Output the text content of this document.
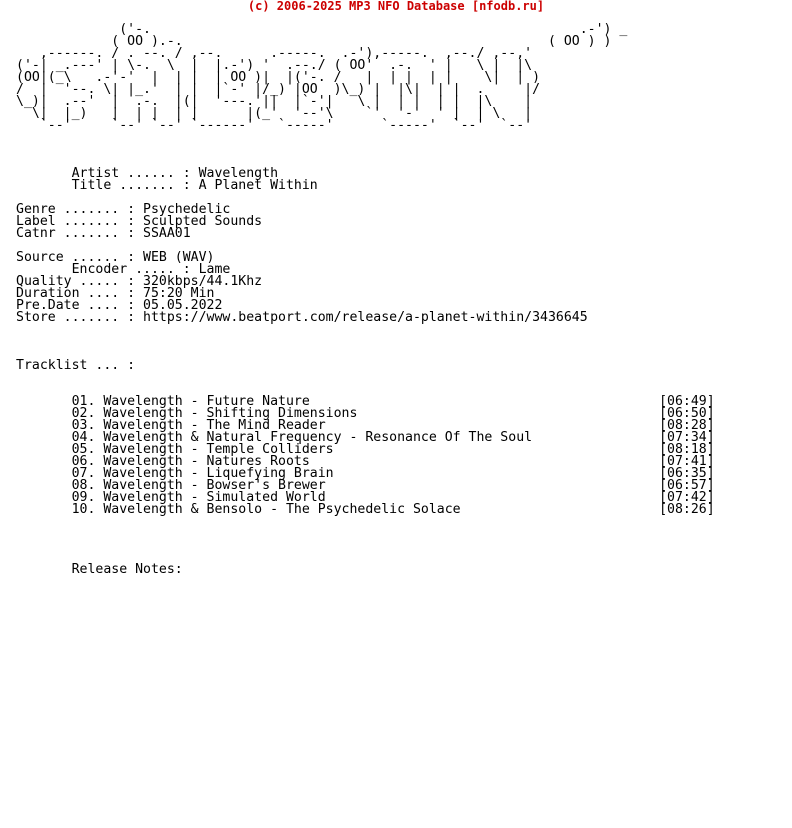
(c) 2006-2025 MP3 NFO Database [nfodb.ru]
('-.                                                      .-') _
( OO ).-.                                              ( OO ) )
,------. / . --. / ,--.      .-----.  .-'),-----.  ,--./ ,--,'
('-| _.---' | \-.  \  |  |.-') '  .--./ ( OO'  .-.  ' |   \ |  |\
(OO|(_\   .-'-'  |  | |  | OO )|  |('-. /   |  | |  | |    \|  | )
/  |  '--. \| |_.'  | |  |`-' |/_) |OO  )\_) |  |\|  | |  .     |/
\_)|  .--'  |  .-.  |(|  '---.'||  |`-'|   \ |  | |  | |  |\    |
\|  |_)   |  | |  | |      |(_'  '--'\    `'  '-'  ' |  | \   |
`--'     `--' `--' `------'   `-----'      `-----'  `--'  `--'
Artist ...... : Wavelength
Title ....... : A Planet Within
Genre ....... : Psychedelic
Label ....... : Sculpted Sounds
Catnr ....... : SSAA01
Source ...... : WEB (WAV)
Encoder ..... : Lame
Quality ..... : 320kbps/44.1Khz
Duration .... : 75:20 Min
Pre.Date .... : 05.05.2022
Store ....... : https://www.beatport.com/release/a-planet-within/3436645
Tracklist ... :
01. Wavelength - Future Nature                                            [06:49]
02. Wavelength - Shifting Dimensions                                      [06:50]
03. Wavelength - The Mind Reader                                          [08:28]
04. Wavelength & Natural Frequency - Resonance Of The Soul                [07:34]
05. Wavelength - Temple Colliders                                         [08:18]
06. Wavelength - Natures Roots                                            [07:41]
07. Wavelength - Liquefying Brain                                         [06:35]
08. Wavelength - Bowser's Brewer                                          [06:57]
09. Wavelength - Simulated World                                          [07:42]
10. Wavelength & Bensolo - The Psychedelic Solace                         [08:26]
Release Notes:
